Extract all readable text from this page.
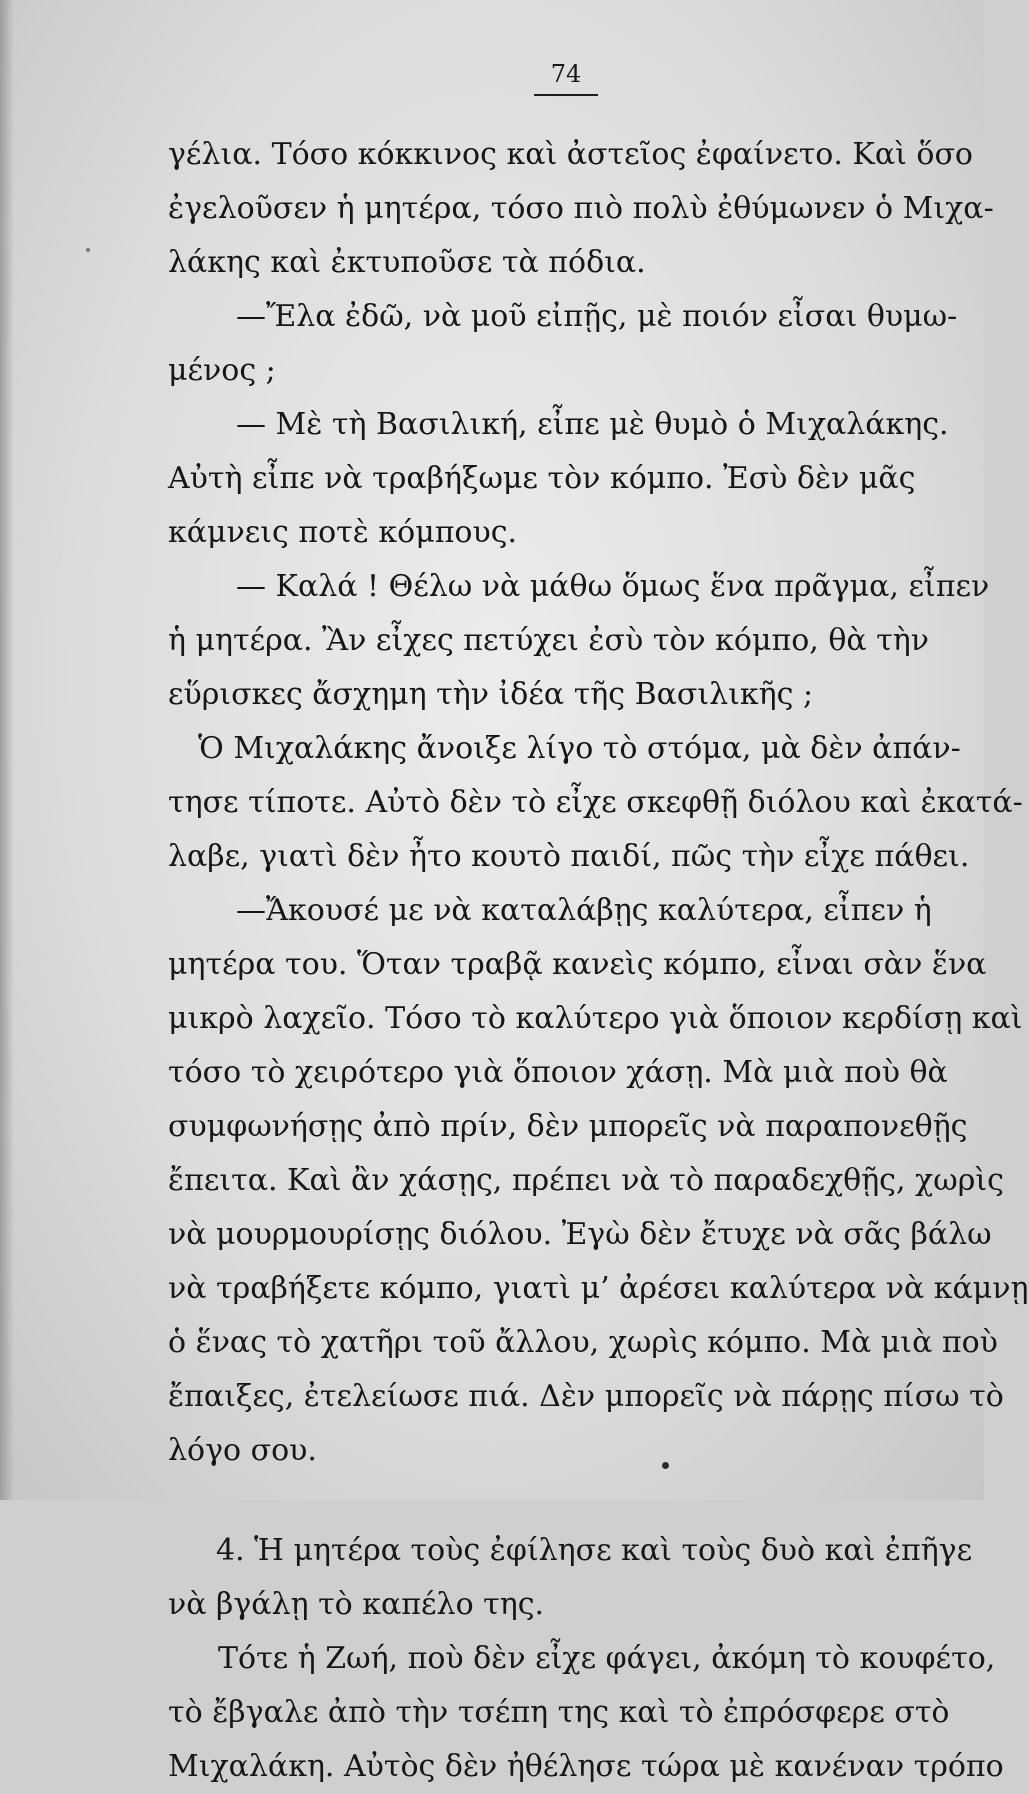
74
γέλια. Τόσο κόκκινος καὶ ἀστεῖος ἐφαίνετο. Καὶ ὅσο
ἐγελοῦσεν ἡ μητέρα, τόσο πιὸ πολὺ ἐθύμωνεν ὁ Μιχα-
λάκης καὶ ἐκτυποῦσε τὰ πόδια.
—Ἔλα ἐδῶ, νὰ μοῦ εἰπῇς, μὲ ποιόν εἶσαι θυμω-
μένος ;
— Μὲ τὴ Βασιλική, εἶπε μὲ θυμὸ ὁ Μιχαλάκης.
Αὐτὴ εἶπε νὰ τραβήξωμε τὸν κόμπο. Ἐσὺ δὲν μᾶς
κάμνεις ποτὲ κόμπους.
— Καλά ! Θέλω νὰ μάθω ὅμως ἕνα πρᾶγμα, εἶπεν
ἡ μητέρα. Ἂν εἶχες πετύχει ἐσὺ τὸν κόμπο, θὰ τὴν
εὕρισκες ἄσχημη τὴν ἰδέα τῆς Βασιλικῆς ;
Ὁ Μιχαλάκης ἄνοιξε λίγο τὸ στόμα, μὰ δὲν ἀπάν-
τησε τίποτε. Αὐτὸ δὲν τὸ εἶχε σκεφθῇ διόλου καὶ ἐκατά-
λαβε, γιατὶ δὲν ἦτο κουτὸ παιδί, πῶς τὴν εἶχε πάθει.
—Ἄκουσέ με νὰ καταλάβῃς καλύτερα, εἶπεν ἡ
μητέρα του. Ὅταν τραβᾷ κανεὶς κόμπο, εἶναι σὰν ἕνα
μικρὸ λαχεῖο. Τόσο τὸ καλύτερο γιὰ ὅποιον κερδίσῃ καὶ
τόσο τὸ χειρότερο γιὰ ὅποιον χάσῃ. Μὰ μιὰ ποὺ θὰ
συμφωνήσῃς ἀπὸ πρίν, δὲν μπορεῖς νὰ παραπονεθῇς
ἔπειτα. Καὶ ἂν χάσῃς, πρέπει νὰ τὸ παραδεχθῇς, χωρὶς
νὰ μουρμουρίσῃς διόλου. Ἐγὼ δὲν ἔτυχε νὰ σᾶς βάλω
νὰ τραβήξετε κόμπο, γιατὶ μ’ ἀρέσει καλύτερα νὰ κάμνῃ
ὁ ἕνας τὸ χατῆρι τοῦ ἄλλου, χωρὶς κόμπο. Μὰ μιὰ ποὺ
ἔπαιξες, ἐτελείωσε πιά. Δὲν μπορεῖς νὰ πάρῃς πίσω τὸ
λόγο σου.
4. Ἡ μητέρα τοὺς ἐφίλησε καὶ τοὺς δυὸ καὶ ἐπῆγε
νὰ βγάλῃ τὸ καπέλο της.
Τότε ἡ Ζωή, ποὺ δὲν εἶχε φάγει, ἀκόμη τὸ κουφέτο,
τὸ ἔβγαλε ἀπὸ τὴν τσέπη της καὶ τὸ ἐπρόσφερε στὸ
Μιχαλάκη. Αὐτὸς δὲν ἠθέλησε τώρα μὲ κανέναν τρόπο
